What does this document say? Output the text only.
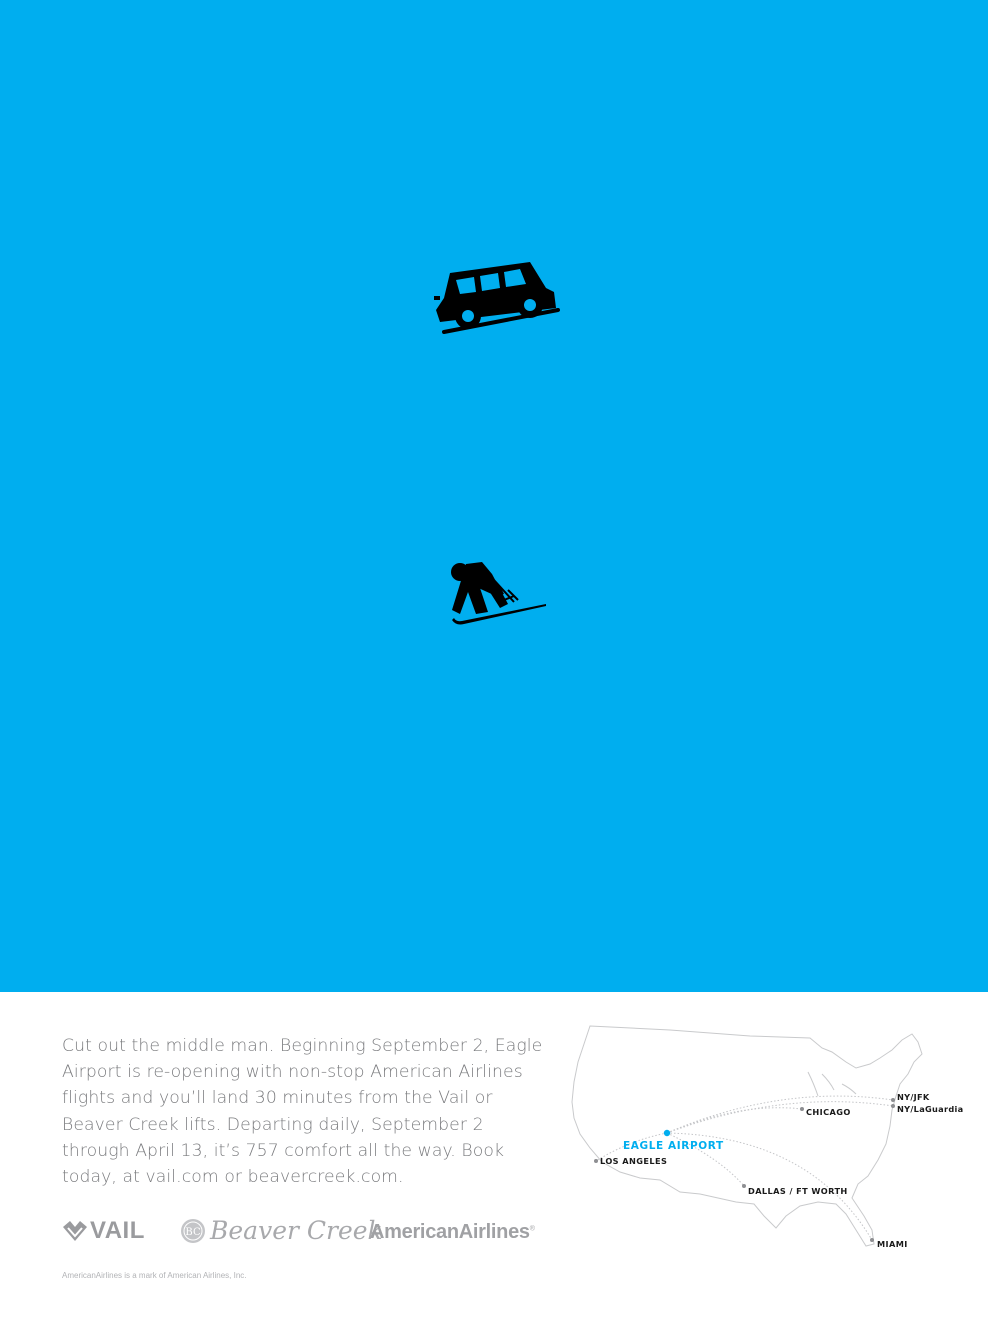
Cut out the middle man. Beginning September 2, Eagle Airport is re-opening with non-stop American Airlines flights and you’ll land 30 minutes from the Vail or Beaver Creek lifts. Departing daily, September 2 through April 13, it’s 757 comfort all the way. Book today, at vail.com or beavercreek.com.

VAIL	BC Beaver Creek
AmericanAirlines®
AmericanAirlines is a mark of American Airlines, Inc.
EAGLE AIRPORT
LOS ANGELES
CHICAGO
NY/JFK
NY/LaGuardia
DALLAS / FT WORTH
MIAMI
